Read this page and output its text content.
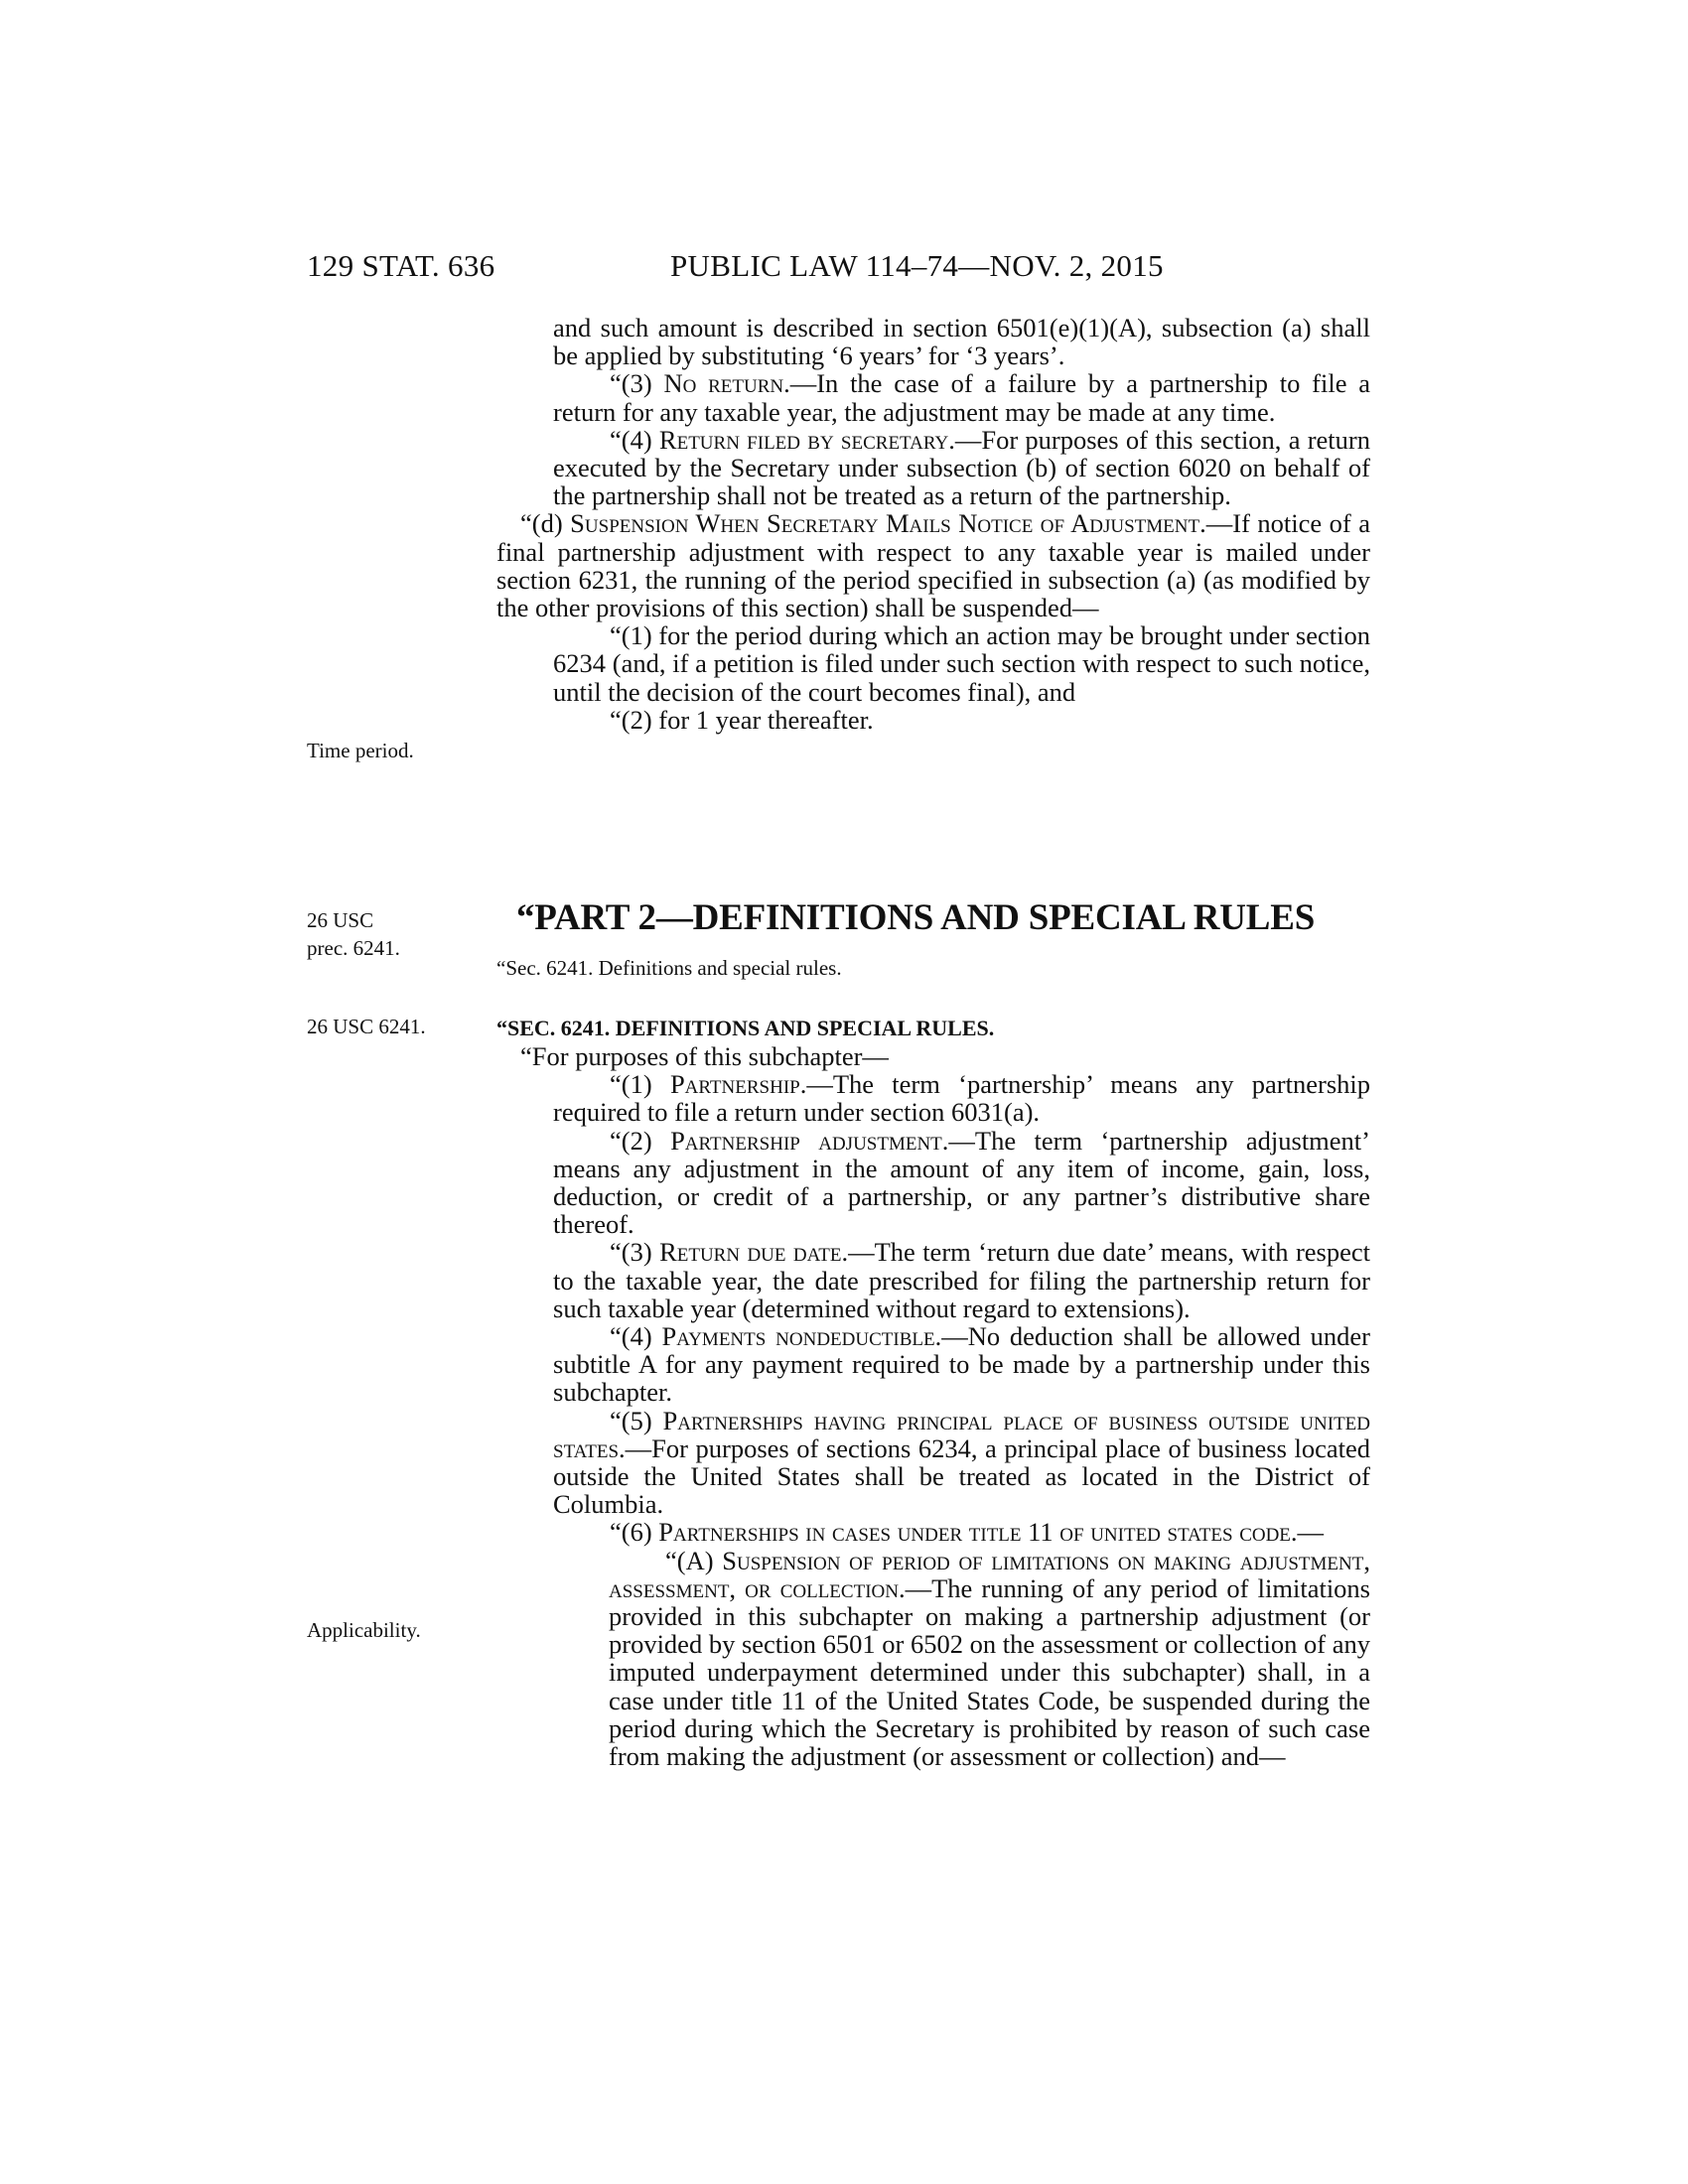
129 STAT. 636	PUBLIC LAW 114–74—NOV. 2, 2015
Time period.
26 USC
prec. 6241.
26 USC 6241.
Applicability.

and such amount is described in section 6501(e)(1)(A), subsection (a) shall be applied by substituting ‘6 years’ for ‘3 years’.

“(3) No return.—In the case of a failure by a partnership to file a return for any taxable year, the adjustment may be made at any time.

“(4) Return filed by secretary.—For purposes of this section, a return executed by the Secretary under subsection (b) of section 6020 on behalf of the partnership shall not be treated as a return of the partnership.

“(d) Suspension When Secretary Mails Notice of Adjustment.—If notice of a final partnership adjustment with respect to any taxable year is mailed under section 6231, the running of the period specified in subsection (a) (as modified by the other provisions of this section) shall be suspended—

“(1) for the period during which an action may be brought under section 6234 (and, if a petition is filed under such section with respect to such notice, until the decision of the court becomes final), and

“(2) for 1 year thereafter.

“PART 2—DEFINITIONS AND SPECIAL RULES
“Sec. 6241. Definitions and special rules.
“SEC. 6241. DEFINITIONS AND SPECIAL RULES.

“For purposes of this subchapter—

“(1) Partnership.—The term ‘partnership’ means any partnership required to file a return under section 6031(a).

“(2) Partnership adjustment.—The term ‘partnership adjustment’ means any adjustment in the amount of any item of income, gain, loss, deduction, or credit of a partnership, or any partner’s distributive share thereof.

“(3) Return due date.—The term ‘return due date’ means, with respect to the taxable year, the date prescribed for filing the partnership return for such taxable year (determined without regard to extensions).

“(4) Payments nondeductible.—No deduction shall be allowed under subtitle A for any payment required to be made by a partnership under this subchapter.

“(5) Partnerships having principal place of business outside united states.—For purposes of sections 6234, a principal place of business located outside the United States shall be treated as located in the District of Columbia.

“(6) Partnerships in cases under title 11 of united states code.—

“(A) Suspension of period of limitations on making adjustment, assessment, or collection.—The running of any period of limitations provided in this subchapter on making a partnership adjustment (or provided by section 6501 or 6502 on the assessment or collection of any imputed underpayment determined under this subchapter) shall, in a case under title 11 of the United States Code, be suspended during the period during which the Secretary is prohibited by reason of such case from making the adjustment (or assessment or collection) and—
